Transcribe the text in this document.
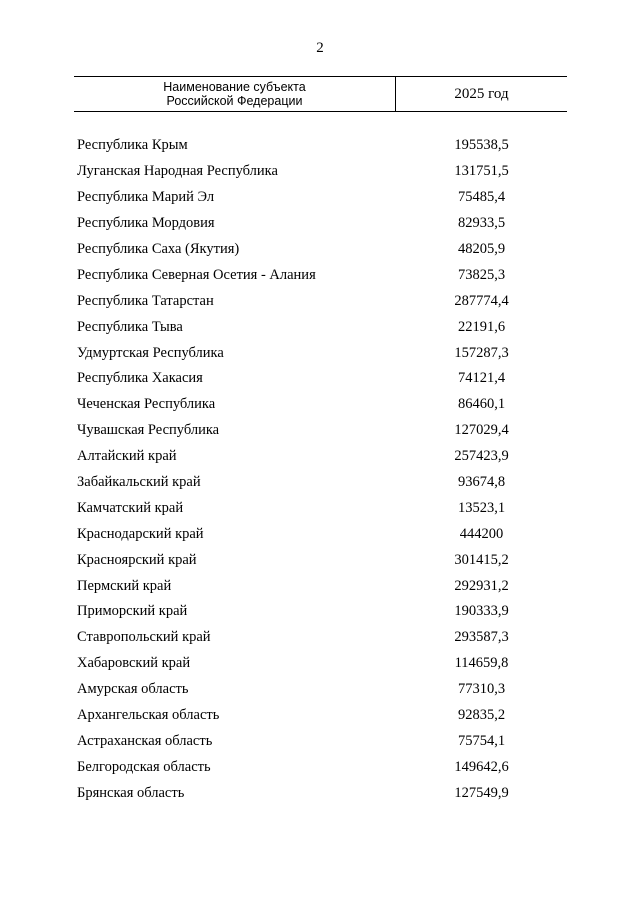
2
Наименование субъекта
Российской Федерации	2025 год
Республика Крым	195538,5
Луганская Народная Республика	131751,5
Республика Марий Эл	75485,4
Республика Мордовия	82933,5
Республика Саха (Якутия)	48205,9
Республика Северная Осетия - Алания	73825,3
Республика Татарстан	287774,4
Республика Тыва	22191,6
Удмуртская Республика	157287,3
Республика Хакасия	74121,4
Чеченская Республика	86460,1
Чувашская Республика	127029,4
Алтайский край	257423,9
Забайкальский край	93674,8
Камчатский край	13523,1
Краснодарский край	444200
Красноярский край	301415,2
Пермский край	292931,2
Приморский край	190333,9
Ставропольский край	293587,3
Хабаровский край	114659,8
Амурская область	77310,3
Архангельская область	92835,2
Астраханская область	75754,1
Белгородская область	149642,6
Брянская область	127549,9
